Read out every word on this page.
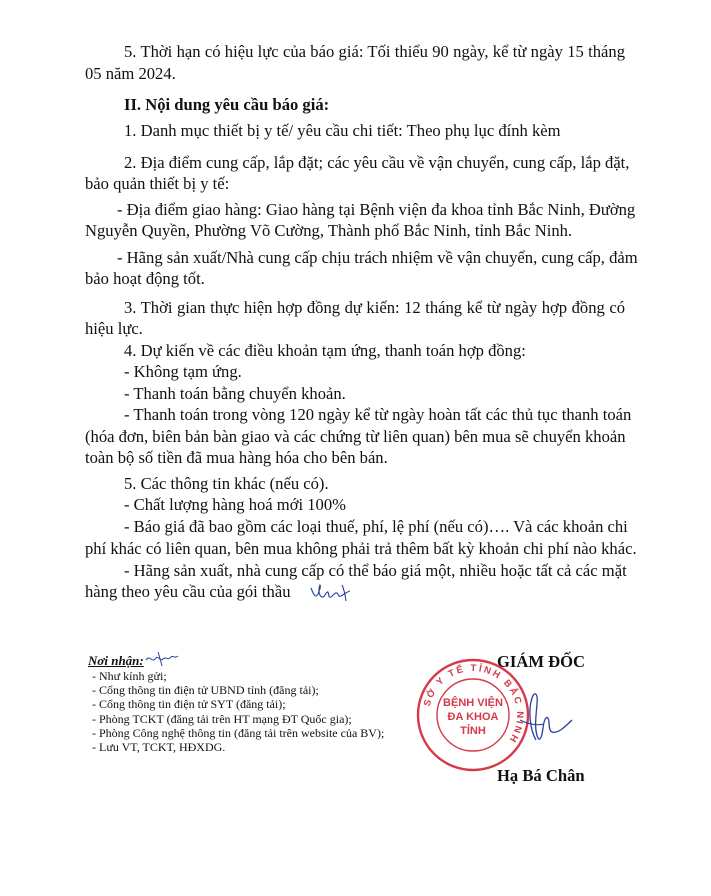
5. Thời hạn có hiệu lực của báo giá: Tối thiểu 90 ngày, kể từ ngày 15 tháng

05 năm 2024.

II. Nội dung yêu cầu báo giá:

1. Danh mục thiết bị y tế/ yêu cầu chi tiết: Theo phụ lục đính kèm

2. Địa điểm cung cấp, lắp đặt; các yêu cầu về vận chuyển, cung cấp, lắp đặt,

bảo quản thiết bị y tế:

- Địa điểm giao hàng: Giao hàng tại Bệnh viện đa khoa tỉnh Bắc Ninh, Đường

Nguyễn Quyền, Phường Võ Cường, Thành phố Bắc Ninh, tỉnh Bắc Ninh.

- Hãng sản xuất/Nhà cung cấp chịu trách nhiệm về vận chuyển, cung cấp, đảm

bảo hoạt động tốt.

3. Thời gian thực hiện hợp đồng dự kiến: 12 tháng kể từ ngày hợp đồng có

hiệu lực.

4. Dự kiến về các điều khoản tạm ứng, thanh toán hợp đồng:

- Không tạm ứng.

- Thanh toán bằng chuyển khoản.

- Thanh toán trong vòng 120 ngày kể từ ngày hoàn tất các thủ tục thanh toán

(hóa đơn, biên bản bàn giao và các chứng từ liên quan) bên mua sẽ chuyển khoản

toàn bộ số tiền đã mua hàng hóa cho bên bán.

5. Các thông tin khác (nếu có).

- Chất lượng hàng hoá mới 100%

- Báo giá đã bao gồm các loại thuế, phí, lệ phí (nếu có)…. Và các khoản chi

phí khác có liên quan, bên mua không phải trả thêm bất kỳ khoản chi phí nào khác.

- Hãng sản xuất, nhà cung cấp có thể báo giá một, nhiều hoặc tất cả các mặt

hàng theo yêu cầu của gói thầu

Nơi nhận:
- Như kính gửi;
- Cổng thông tin điện tử UBND tỉnh (đăng tải);
- Cổng thông tin điện tử SYT (đăng tải);
- Phòng TCKT (đăng tải trên HT mạng ĐT Quốc gia);
- Phòng Công nghệ thông tin (đăng tải trên website của BV);
- Lưu VT, TCKT, HĐXDG.
GIÁM ĐỐC
SỞ Y TẾ TỈNH BẮC NINH
BỆNH VIỆN
ĐA KHOA
TỈNH
Hạ Bá Chân
